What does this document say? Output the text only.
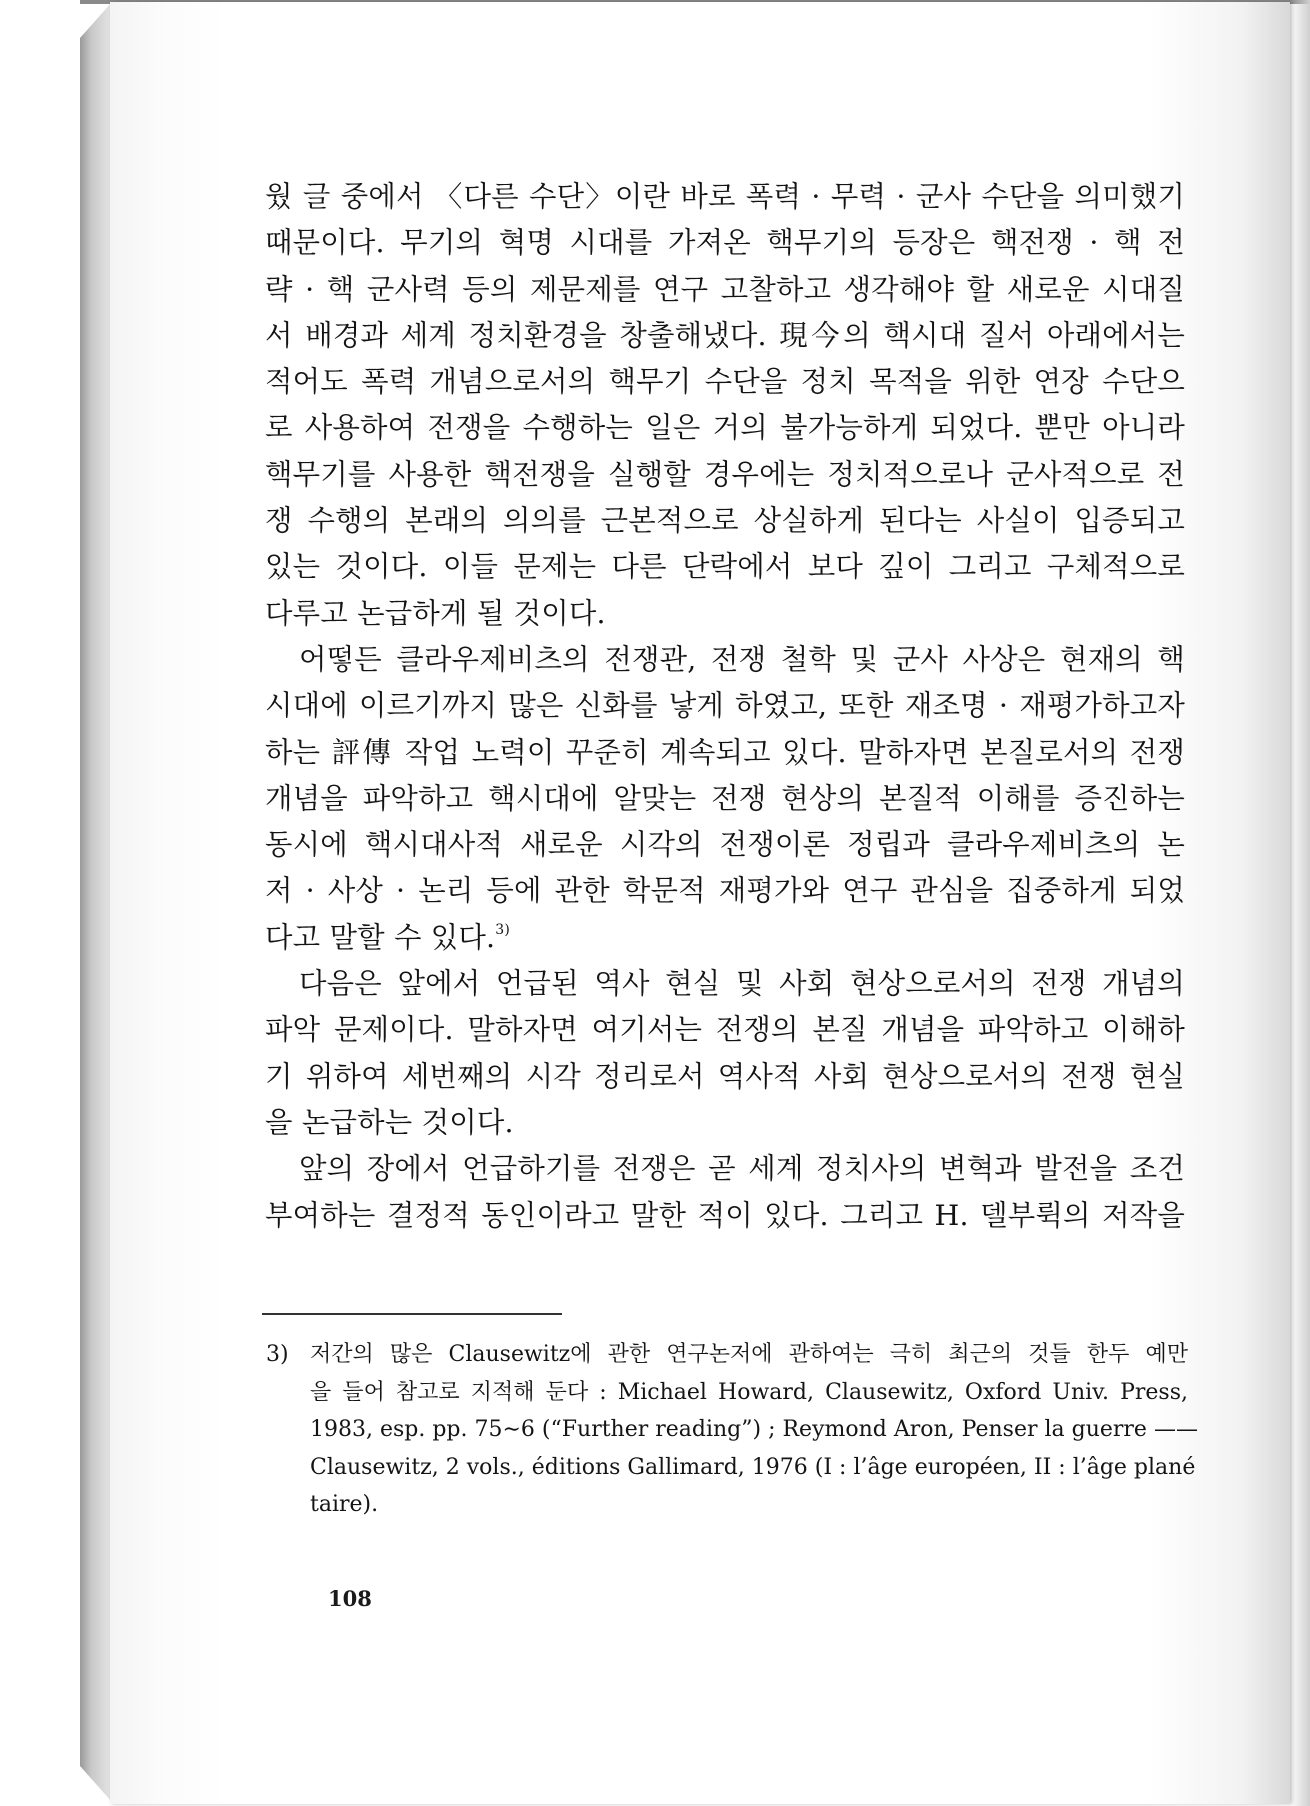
웠 글 중에서 〈다른 수단〉이란 바로 폭력 · 무력 · 군사 수단을 의미했기
때문이다. 무기의 혁명 시대를 가져온 핵무기의 등장은 핵전쟁 · 핵 전
략 · 핵 군사력 등의 제문제를 연구 고찰하고 생각해야 할 새로운 시대질
서 배경과 세계 정치환경을 창출해냈다. 現今의 핵시대 질서 아래에서는
적어도 폭력 개념으로서의 핵무기 수단을 정치 목적을 위한 연장 수단으
로 사용하여 전쟁을 수행하는 일은 거의 불가능하게 되었다. 뿐만 아니라
핵무기를 사용한 핵전쟁을 실행할 경우에는 정치적으로나 군사적으로 전
쟁 수행의 본래의 의의를 근본적으로 상실하게 된다는 사실이 입증되고
있는 것이다. 이들 문제는 다른 단락에서 보다 깊이 그리고 구체적으로
다루고 논급하게 될 것이다.
어떻든 클라우제비츠의 전쟁관, 전쟁 철학 및 군사 사상은 현재의 핵
시대에 이르기까지 많은 신화를 낳게 하였고, 또한 재조명 · 재평가하고자
하는 評傳 작업 노력이 꾸준히 계속되고 있다. 말하자면 본질로서의 전쟁
개념을 파악하고 핵시대에 알맞는 전쟁 현상의 본질적 이해를 증진하는
동시에 핵시대사적 새로운 시각의 전쟁이론 정립과 클라우제비츠의 논
저 · 사상 · 논리 등에 관한 학문적 재평가와 연구 관심을 집중하게 되었
다고 말할 수 있다.$^{3)}$
다음은 앞에서 언급된 역사 현실 및 사회 현상으로서의 전쟁 개념의
파악 문제이다. 말하자면 여기서는 전쟁의 본질 개념을 파악하고 이해하
기 위하여 세번째의 시각 정리로서 역사적 사회 현상으로서의 전쟁 현실
을 논급하는 것이다.
앞의 장에서 언급하기를 전쟁은 곧 세계 정치사의 변혁과 발전을 조건
부여하는 결정적 동인이라고 말한 적이 있다. 그리고 H. 델부뤽의 저작을
3) 저간의 많은 Clausewitz에 관한 연구논저에 관하여는 극히 최근의 것들 한두 예만
을 들어 참고로 지적해 둔다 : Michael Howard, Clausewitz, Oxford Univ. Press,
1983, esp. pp. 75∼6 (“Further reading”) ; Reymond Aron, Penser la guerre ——
Clausewitz, 2 vols., éditions Gallimard, 1976 (I : l’âge européen, II : l’âge plané
taire).
108
